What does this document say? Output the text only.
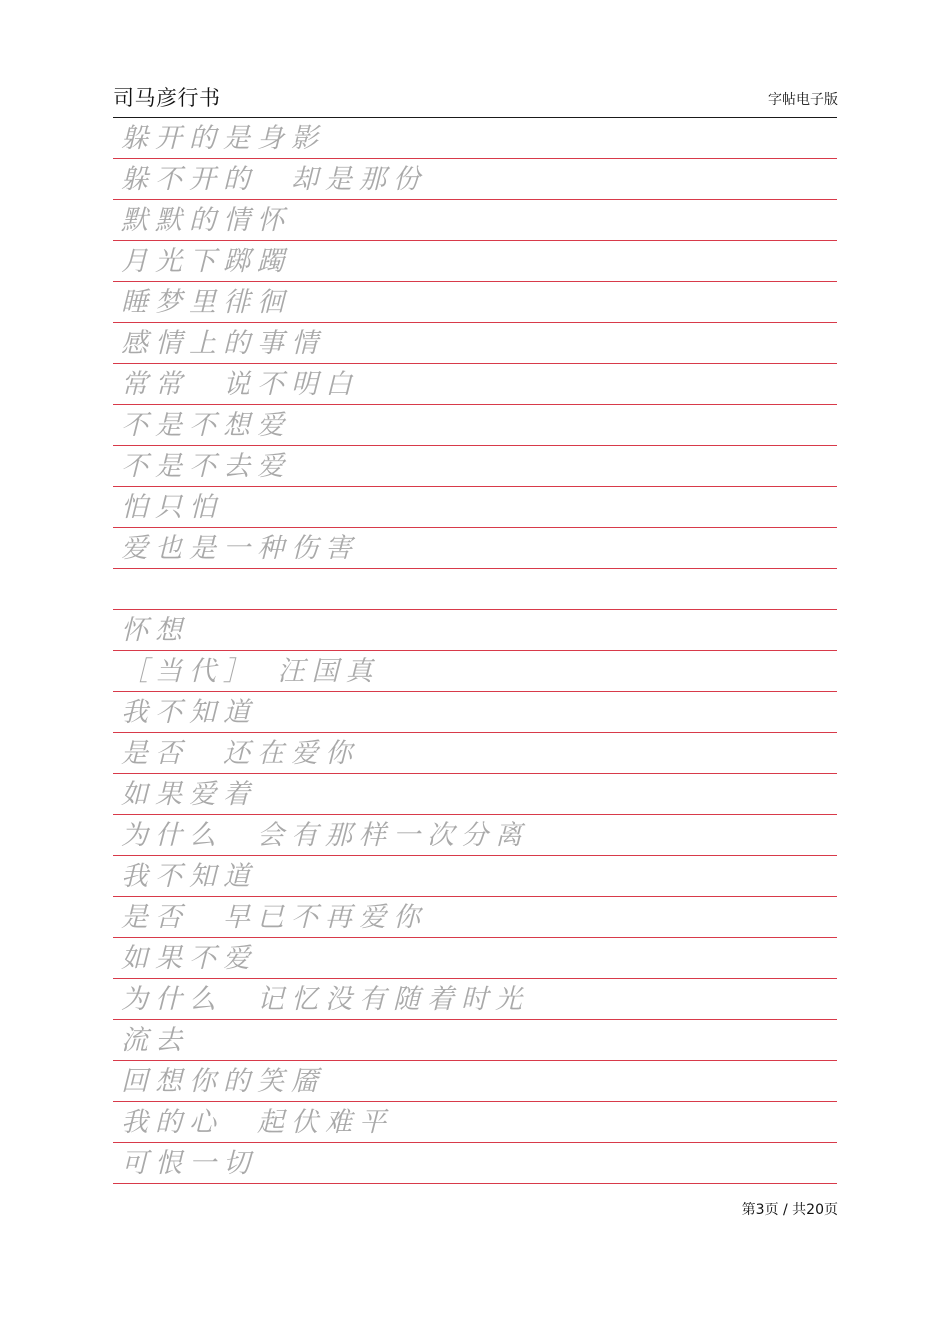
司马彦行书	字帖电子版
躲开的是身影
躲不开的　却是那份
默默的情怀
月光下踯躅
睡梦里徘徊
感情上的事情
常常　说不明白
不是不想爱
不是不去爱
怕只怕
爱也是一种伤害
怀想
［当代］　汪国真
我不知道
是否　还在爱你
如果爱着
为什么　会有那样一次分离
我不知道
是否　早已不再爱你
如果不爱
为什么　记忆没有随着时光
流去
回想你的笑靥
我的心　起伏难平
可恨一切
第3页 / 共20页
